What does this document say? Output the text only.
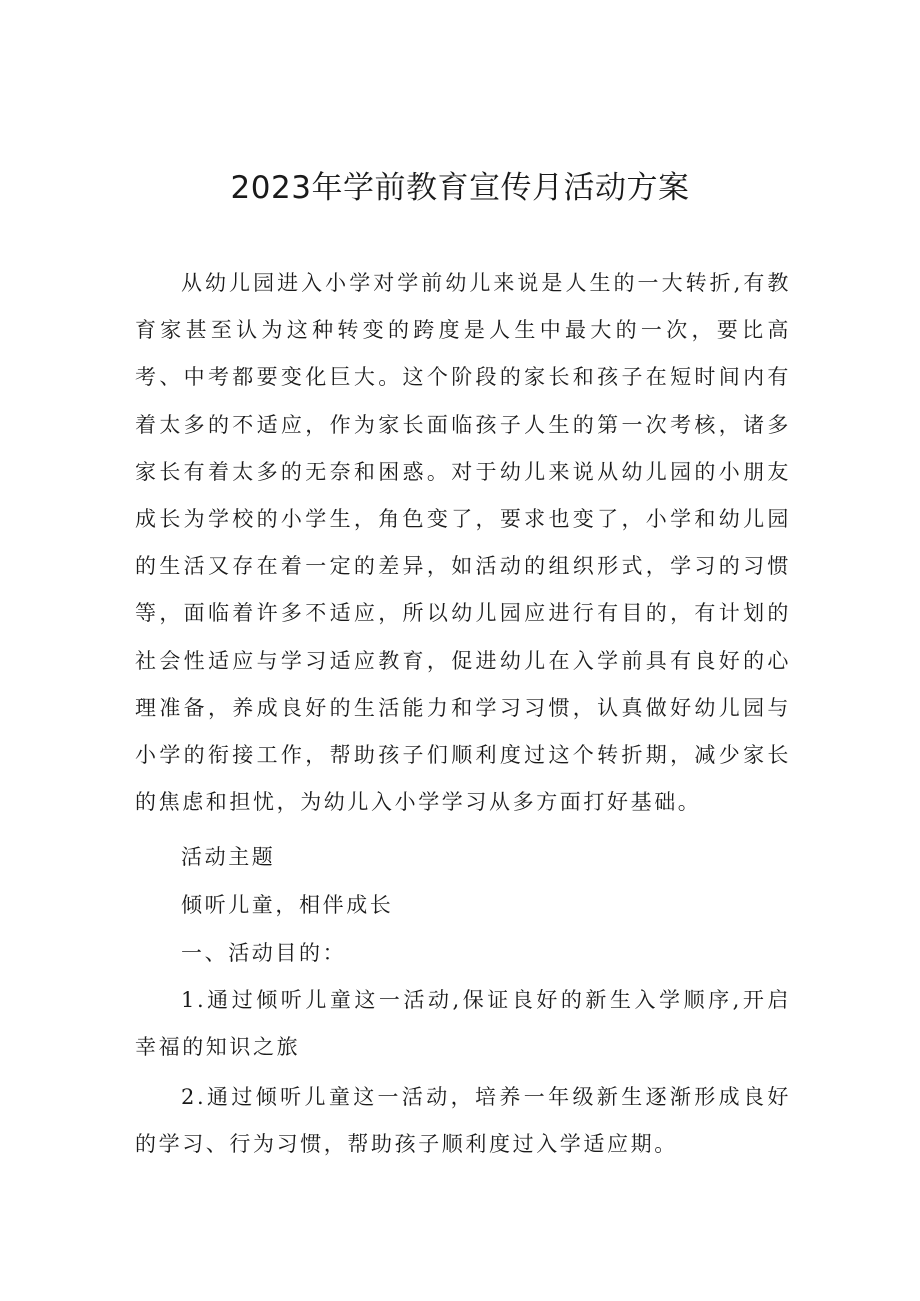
2023年学前教育宣传月活动方案

从幼儿园进入小学对学前幼儿来说是人生的一大转折,有教育家甚至认为这种转变的跨度是人生中最大的一次，要比高考、中考都要变化巨大。这个阶段的家长和孩子在短时间内有着太多的不适应，作为家长面临孩子人生的第一次考核，诸多家长有着太多的无奈和困惑。对于幼儿来说从幼儿园的小朋友成长为学校的小学生，角色变了，要求也变了，小学和幼儿园的生活又存在着一定的差异，如活动的组织形式，学习的习惯等，面临着许多不适应，所以幼儿园应进行有目的，有计划的社会性适应与学习适应教育，促进幼儿在入学前具有良好的心理准备，养成良好的生活能力和学习习惯，认真做好幼儿园与小学的衔接工作，帮助孩子们顺利度过这个转折期，减少家长的焦虑和担忧，为幼儿入小学学习从多方面打好基础。

活动主题

倾听儿童，相伴成长

一、活动目的：

1.通过倾听儿童这一活动,保证良好的新生入学顺序,开启幸福的知识之旅

2.通过倾听儿童这一活动，培养一年级新生逐渐形成良好的学习、行为习惯，帮助孩子顺利度过入学适应期。
